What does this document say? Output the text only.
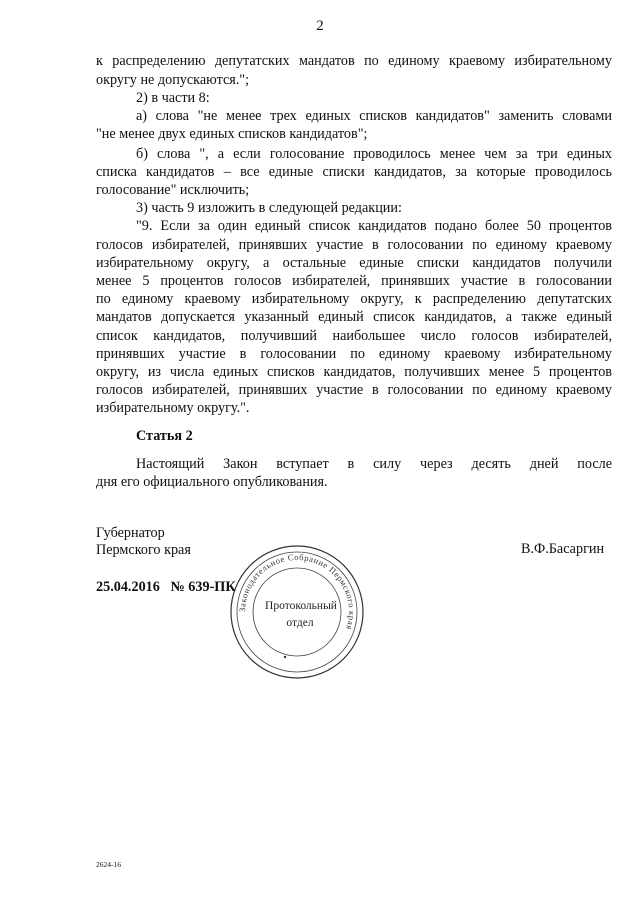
2
к распределению депутатских мандатов по единому краевому избирательному
округу не допускаются.";
2) в части 8:
а) слова "не менее трех единых списков кандидатов" заменить словами
"не менее двух единых списков кандидатов";
б) слова ", а если голосование проводилось менее чем за три единых
списка кандидатов – все единые списки кандидатов, за которые проводилось
голосование" исключить;
3) часть 9 изложить в следующей редакции:
"9. Если за один единый список кандидатов подано более 50 процентов
голосов избирателей, принявших участие в голосовании по единому краевому
избирательному округу, а остальные единые списки кандидатов получили
менее 5 процентов голосов избирателей, принявших участие в голосовании
по единому краевому избирательному округу, к распределению депутатских
мандатов допускается указанный единый список кандидатов, а также единый
список кандидатов, получивший наибольшее число голосов избирателей,
принявших участие в голосовании по единому краевому избирательному
округу, из числа единых списков кандидатов, получивших менее 5 процентов
голосов избирателей, принявших участие в голосовании по единому краевому
избирательному округу.".
Статья 2
Настоящий Закон вступает в силу через десять дней после
дня его официального опубликования.
Губернатор
Пермского края	В.Ф.Басаргин
25.04.2016   № 639-ПК
Законодательное Собрание Пермского края
Протокольный
отдел
2624-16
